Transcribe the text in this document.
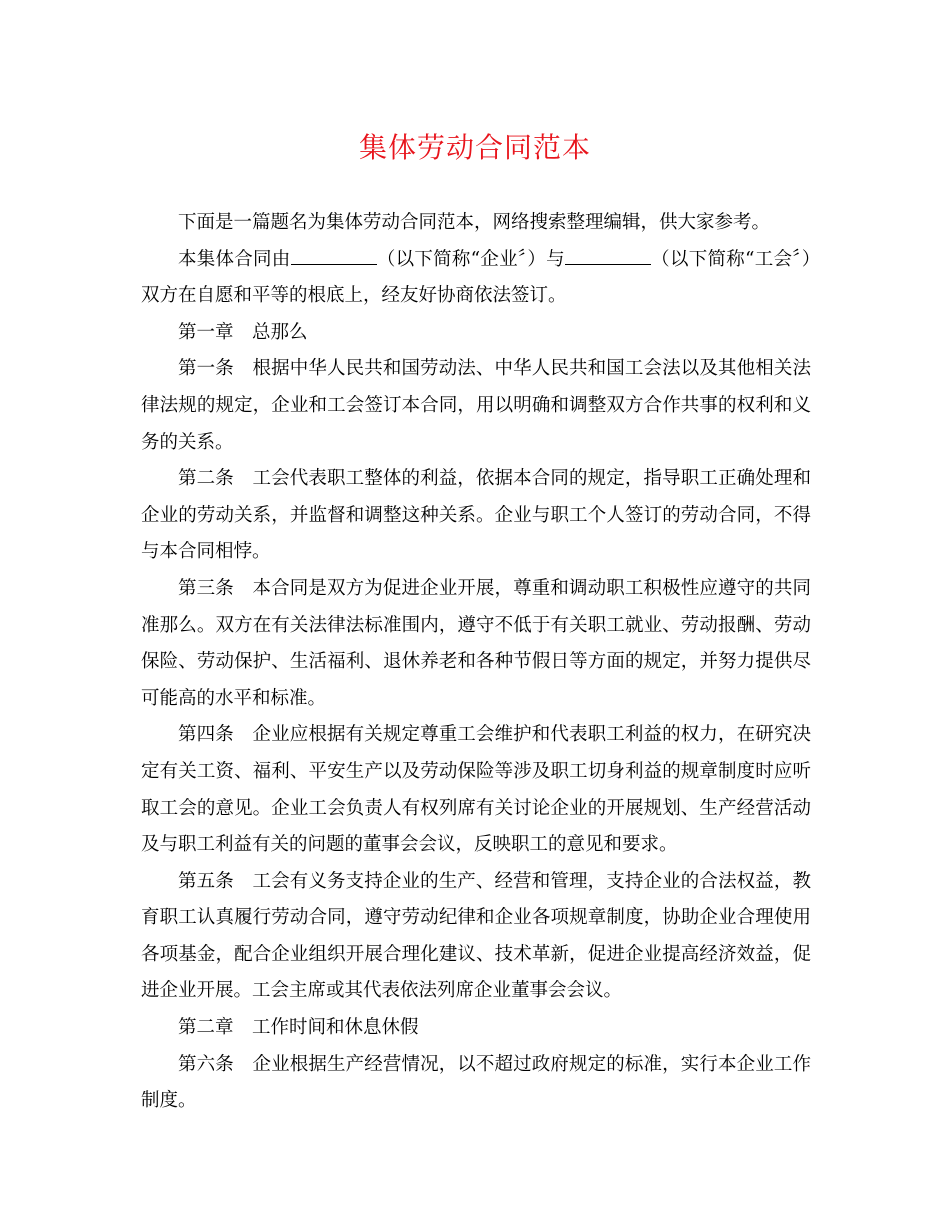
集体劳动合同范本

下面是一篇题名为集体劳动合同范本，网络搜索整理编辑，供大家参考。

本集体合同由	（以下简称“企业〞）与	（以下简称“工会〞）双方在自愿和平等的根底上，经友好协商依法签订。

第一章　总那么

第一条　根据中华人民共和国劳动法、中华人民共和国工会法以及其他相关法律法规的规定，企业和工会签订本合同，用以明确和调整双方合作共事的权利和义务的关系。

第二条　工会代表职工整体的利益，依据本合同的规定，指导职工正确处理和企业的劳动关系，并监督和调整这种关系。企业与职工个人签订的劳动合同，不得与本合同相悖。

第三条　本合同是双方为促进企业开展，尊重和调动职工积极性应遵守的共同准那么。双方在有关法律法标准围内，遵守不低于有关职工就业、劳动报酬、劳动保险、劳动保护、生活福利、退休养老和各种节假日等方面的规定，并努力提供尽可能高的水平和标准。

第四条　企业应根据有关规定尊重工会维护和代表职工利益的权力，在研究决定有关工资、福利、平安生产以及劳动保险等涉及职工切身利益的规章制度时应听取工会的意见。企业工会负责人有权列席有关讨论企业的开展规划、生产经营活动及与职工利益有关的问题的董事会会议，反映职工的意见和要求。

第五条　工会有义务支持企业的生产、经营和管理，支持企业的合法权益，教育职工认真履行劳动合同，遵守劳动纪律和企业各项规章制度，协助企业合理使用各项基金，配合企业组织开展合理化建议、技术革新，促进企业提高经济效益，促进企业开展。工会主席或其代表依法列席企业董事会会议。

第二章　工作时间和休息休假

第六条　企业根据生产经营情况，以不超过政府规定的标准，实行本企业工作制度。
